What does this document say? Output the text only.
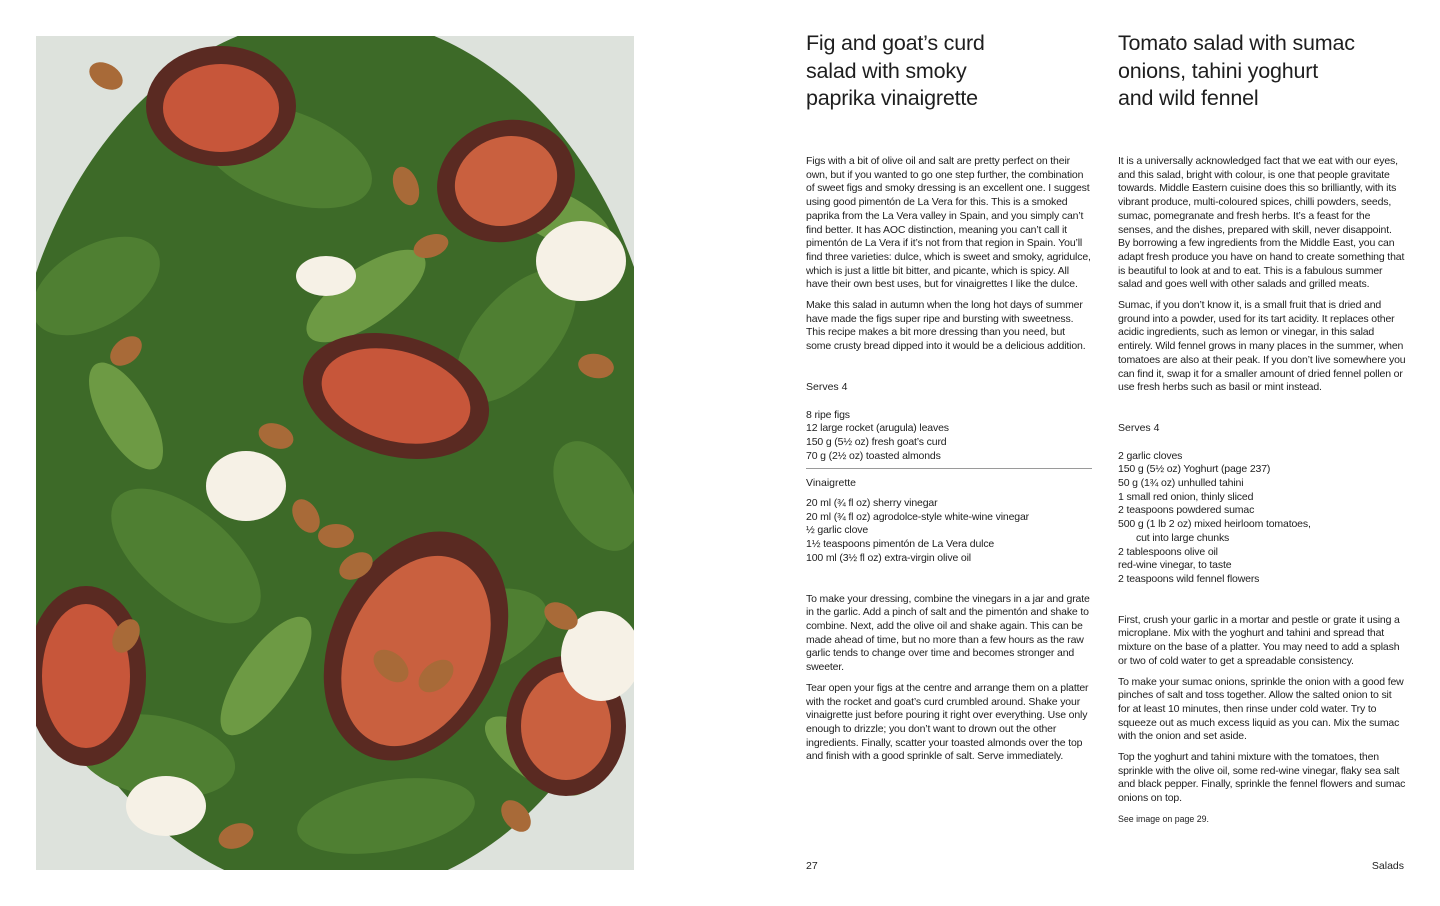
Fig and goat’s curd
salad with smoky
paprika vinaigrette

Figs with a bit of olive oil and salt are pretty perfect on their own, but if you wanted to go one step further, the combination of sweet figs and smoky dressing is an excellent one. I suggest using good pimentón de La Vera for this. This is a smoked paprika from the La Vera valley in Spain, and you simply can’t find better. It has AOC distinction, meaning you can’t call it pimentón de La Vera if it’s not from that region in Spain. You’ll find three varieties: dulce, which is sweet and smoky, agridulce, which is just a little bit bitter, and picante, which is spicy. All have their own best uses, but for vinaigrettes I like the dulce.

Make this salad in autumn when the long hot days of summer have made the figs super ripe and bursting with sweetness. This recipe makes a bit more dressing than you need, but some crusty bread dipped into it would be a delicious addition.

Serves 4

8 ripe figs
12 large rocket (arugula) leaves
150 g (5½ oz) fresh goat’s curd
70 g (2½ oz) toasted almonds

Vinaigrette

20 ml (¾ fl oz) sherry vinegar
20 ml (¾ fl oz) agrodolce-style white-wine vinegar
½ garlic clove
1½ teaspoons pimentón de La Vera dulce
100 ml (3½ fl oz) extra-virgin olive oil

To make your dressing, combine the vinegars in a jar and grate in the garlic. Add a pinch of salt and the pimentón and shake to combine. Next, add the olive oil and shake again. This can be made ahead of time, but no more than a few hours as the raw garlic tends to change over time and becomes stronger and sweeter.

Tear open your figs at the centre and arrange them on a platter with the rocket and goat’s curd crumbled around. Shake your vinaigrette just before pouring it right over everything. Use only enough to drizzle; you don’t want to drown out the other ingredients. Finally, scatter your toasted almonds over the top and finish with a good sprinkle of salt. Serve immediately.

Tomato salad with sumac
onions, tahini yoghurt
and wild fennel

It is a universally acknowledged fact that we eat with our eyes, and this salad, bright with colour, is one that people gravitate towards. Middle Eastern cuisine does this so brilliantly, with its vibrant produce, multi-coloured spices, chilli powders, seeds, sumac, pomegranate and fresh herbs. It’s a feast for the senses, and the dishes, prepared with skill, never disappoint. By borrowing a few ingredients from the Middle East, you can adapt fresh produce you have on hand to create something that is beautiful to look at and to eat. This is a fabulous summer salad and goes well with other salads and grilled meats.

Sumac, if you don’t know it, is a small fruit that is dried and ground into a powder, used for its tart acidity. It replaces other acidic ingredients, such as lemon or vinegar, in this salad entirely. Wild fennel grows in many places in the summer, when tomatoes are also at their peak. If you don’t live somewhere you can find it, swap it for a smaller amount of dried fennel pollen or use fresh herbs such as basil or mint instead.

Serves 4

2 garlic cloves
150 g (5½ oz) Yoghurt (page 237)
50 g (1¾ oz) unhulled tahini
1 small red onion, thinly sliced
2 teaspoons powdered sumac
500 g (1 lb 2 oz) mixed heirloom tomatoes,
cut into large chunks
2 tablespoons olive oil
red-wine vinegar, to taste
2 teaspoons wild fennel flowers

First, crush your garlic in a mortar and pestle or grate it using a microplane. Mix with the yoghurt and tahini and spread that mixture on the base of a platter. You may need to add a splash or two of cold water to get a spreadable consistency.

To make your sumac onions, sprinkle the onion with a good few pinches of salt and toss together. Allow the salted onion to sit for at least 10 minutes, then rinse under cold water. Try to squeeze out as much excess liquid as you can. Mix the sumac with the onion and set aside.

Top the yoghurt and tahini mixture with the tomatoes, then sprinkle with the olive oil, some red-wine vinegar, flaky sea salt and black pepper. Finally, sprinkle the fennel flowers and sumac onions on top.

See image on page 29.

27	Salads
